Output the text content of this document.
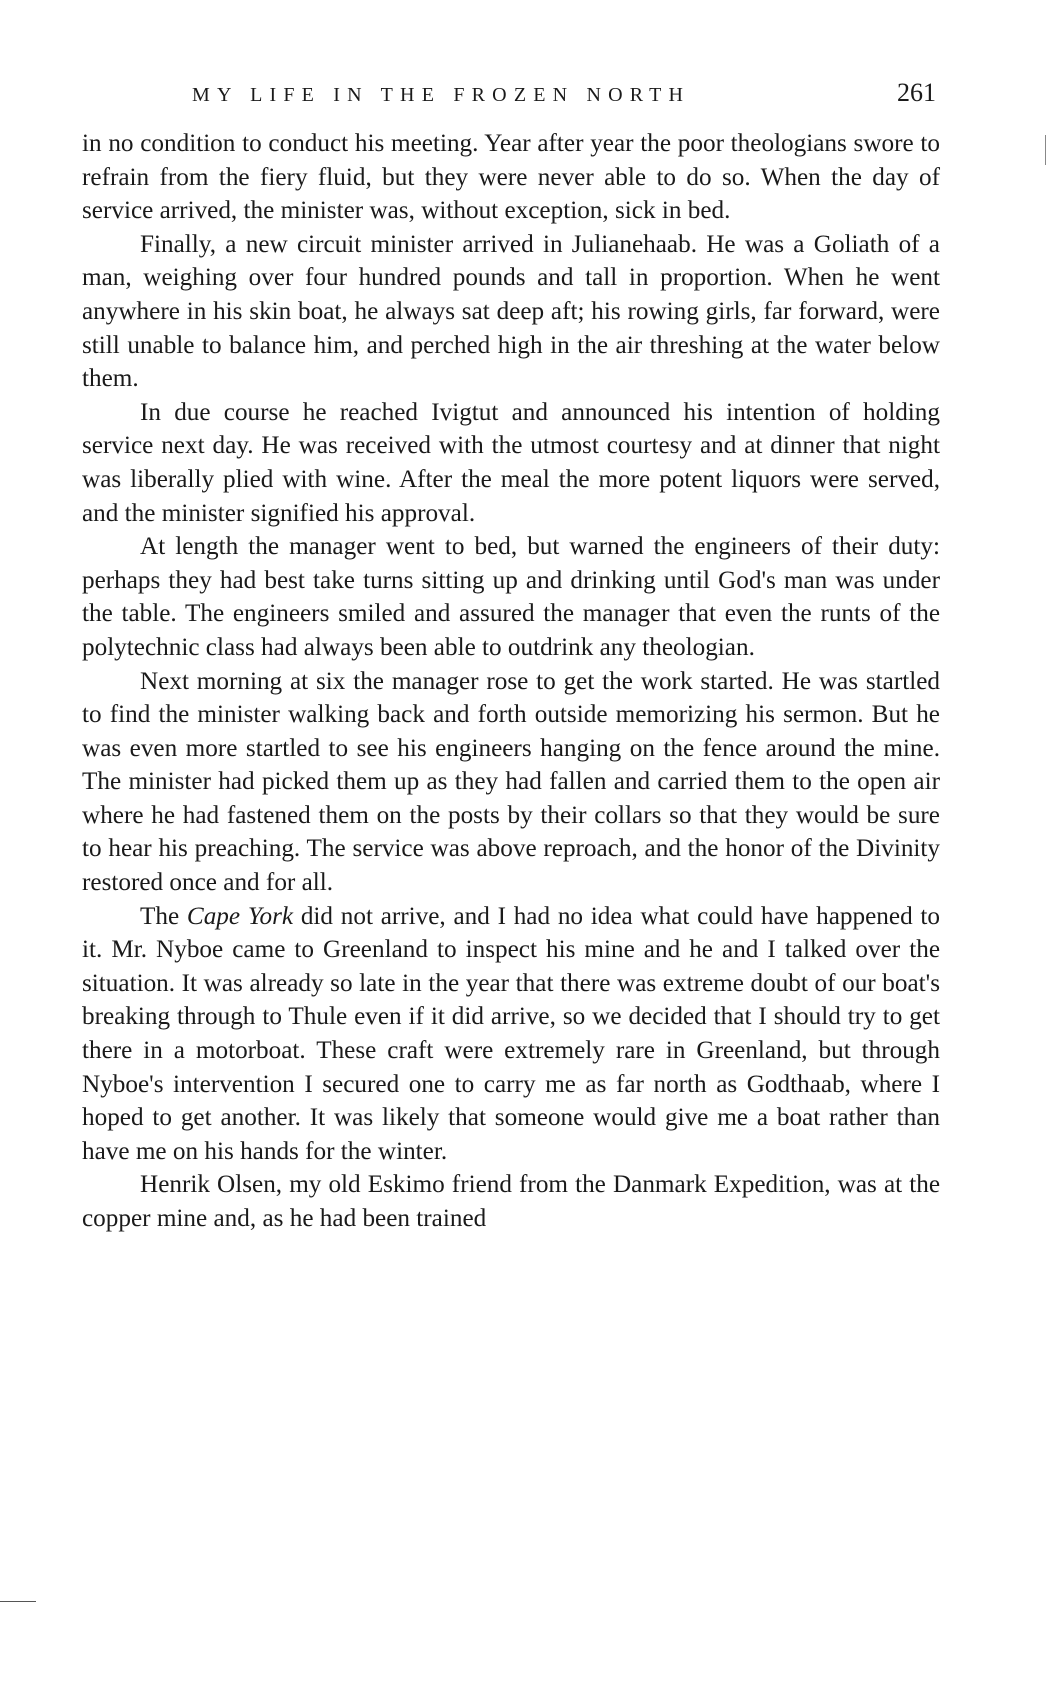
MY LIFE IN THE FROZEN NORTH	261

in no condition to conduct his meeting. Year after year the poor theologians swore to refrain from the fiery fluid, but they were never able to do so. When the day of service arrived, the minister was, without exception, sick in bed.

Finally, a new circuit minister arrived in Julianehaab. He was a Goliath of a man, weighing over four hundred pounds and tall in proportion. When he went anywhere in his skin boat, he always sat deep aft; his rowing girls, far forward, were still unable to balance him, and perched high in the air threshing at the water below them.

In due course he reached Ivigtut and announced his intention of holding service next day. He was received with the utmost courtesy and at dinner that night was liberally plied with wine. After the meal the more potent liquors were served, and the minister signified his approval.

At length the manager went to bed, but warned the engineers of their duty: perhaps they had best take turns sitting up and drinking until God's man was under the table. The engineers smiled and assured the manager that even the runts of the polytechnic class had always been able to outdrink any theologian.

Next morning at six the manager rose to get the work started. He was startled to find the minister walking back and forth outside memorizing his sermon. But he was even more startled to see his engineers hanging on the fence around the mine. The minister had picked them up as they had fallen and carried them to the open air where he had fastened them on the posts by their collars so that they would be sure to hear his preaching. The service was above reproach, and the honor of the Divinity restored once and for all.

The Cape York did not arrive, and I had no idea what could have happened to it. Mr. Nyboe came to Greenland to inspect his mine and he and I talked over the situation. It was already so late in the year that there was extreme doubt of our boat's breaking through to Thule even if it did arrive, so we decided that I should try to get there in a motorboat. These craft were extremely rare in Greenland, but through Nyboe's intervention I secured one to carry me as far north as Godthaab, where I hoped to get another. It was likely that someone would give me a boat rather than have me on his hands for the winter.

Henrik Olsen, my old Eskimo friend from the Danmark Expedition, was at the copper mine and, as he had been trained
